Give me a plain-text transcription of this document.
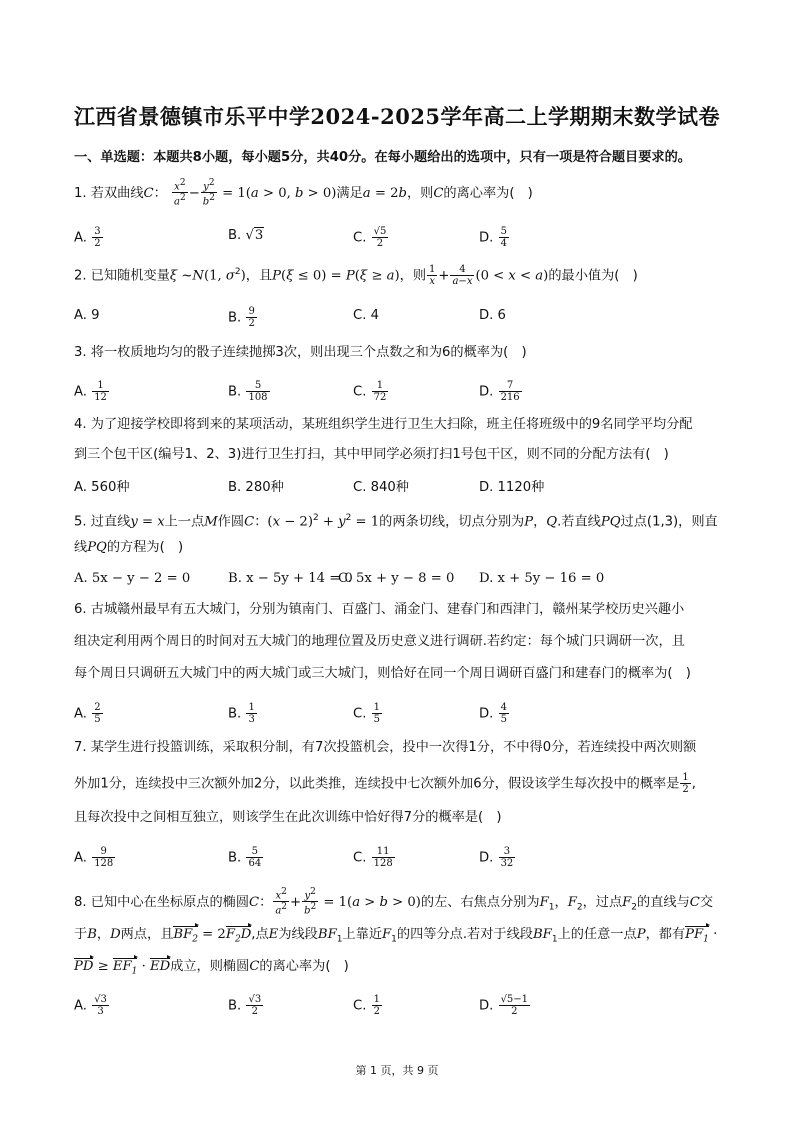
江西省景德镇市乐平中学2024-2025学年高二上学期期末数学试卷
一、单选题：本题共8小题，每小题5分，共40分。在每小题给出的选项中，只有一项是符合题目要求的。
1. 若双曲线C： $\frac{x^2}{a^2} - \frac{y^2}{b^2} = 1(a > 0$, b > 0)满足a = 2b，则C的离心率为(　)
A. $\frac{3}{2}$	B. √3	C. $\frac{√5}{2}$	D. $\frac{5}{4}$
2. 已知随机变量ξ ~N(1, $\sigma^2$)，且P(ξ ≤ 0) = P(ξ ≥ a)，则 $\frac{1}{x} + \frac{4}{a-x} (0 < x < a)$的最小值为(　)
A. 9	B. $\frac{9}{2}$	C. 4	D. 6
3. 将一枚质地均匀的骰子连续抛掷3次，则出现三个点数之和为6的概率为(　)
A. $\frac{1}{12}$	B. $\frac{5}{108}$	C. $\frac{1}{72}$	D. $\frac{7}{216}$
4. 为了迎接学校即将到来的某项活动，某班组织学生进行卫生大扫除，班主任将班级中的9名同学平均分配
到三个包干区(编号1、2、3)进行卫生打扫，其中甲同学必须打扫1号包干区，则不同的分配方法有(　)
A. 560种	B. 280种	C. 840种	D. 1120种
5. 过直线y = x上一点M作圆C：$(x - 2)^2 + y^2 = 1$的两条切线，切点分别为P，Q.若直线PQ过点(1,3)，则直
线PQ的方程为(　)
A. 5x − y − 2 = 0	B. x − 5y + 14 = 0
C. 5x + y − 8 = 0 D. x + 5y − 16 = 0
6. 古城赣州最早有五大城门，分别为镇南门、百盛门、涌金门、建春门和西津门，赣州某学校历史兴趣小
组决定利用两个周日的时间对五大城门的地理位置及历史意义进行调研.若约定：每个城门只调研一次，且
每个周日只调研五大城门中的两大城门或三大城门，则恰好在同一个周日调研百盛门和建春门的概率为(　)
A. $\frac{2}{5}$	B. $\frac{1}{3}$	C. $\frac{1}{5}$	D. $\frac{4}{5}$
7. 某学生进行投篮训练，采取积分制，有7次投篮机会，投中一次得1分，不中得0分，若连续投中两次则额
外加1分，连续投中三次额外加2分，以此类推，连续投中七次额外加6分，假设该学生每次投中的概率是 $\frac{1}{2}$ ,
且每次投中之间相互独立，则该学生在此次训练中恰好得7分的概率是(　)
A. $\frac{9}{128}$	B. $\frac{5}{64}$	C. $\frac{11}{128}$	D. $\frac{3}{32}$
8. 已知中心在坐标原点的椭圆C： $\frac{x^2}{a^2} + \frac{y^2}{b^2} = 1(a > b > 0)$的左、右焦点分别为$F_1$，$F_2$，过点$F_2$的直线与C交
于B，D两点，且$BF_2 = 2F_2D$,点E为线段$BF_1$上靠近$F_1$的四等分点.若对于线段$BF_1$上的任意一点P，都有$PF_1$ ·
PD ≥ $EF_1$ · ED成立，则椭圆C的离心率为(　)
A. $\frac{√3}{3}$	B. $\frac{√3}{2}$	C. $\frac{1}{2}$	D. $\frac{√5-1}{2}$
第 1 页，共 9 页
